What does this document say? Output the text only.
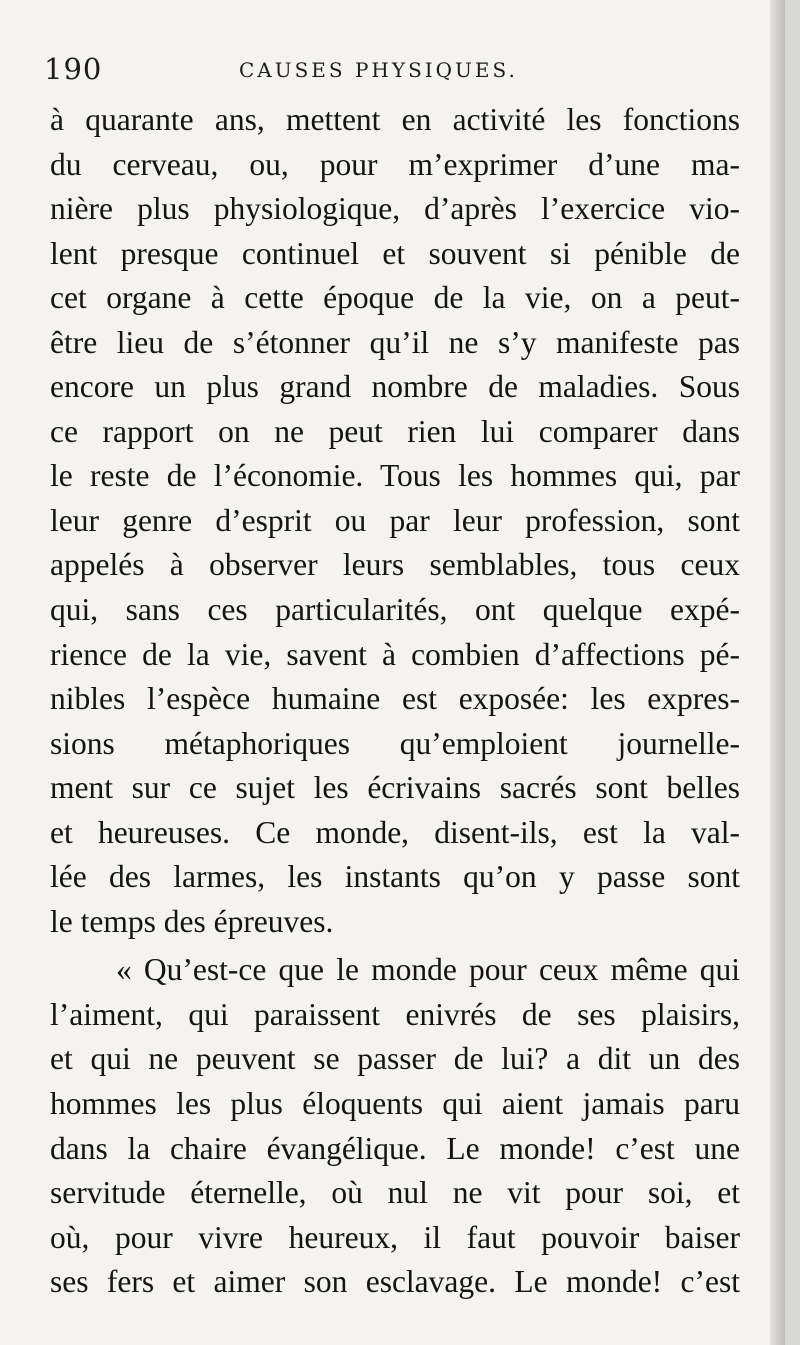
190	CAUSES PHYSIQUES.
à quarante ans, mettent en activité les fonctions
du cerveau, ou, pour m’exprimer d’une ma-
nière plus physiologique, d’après l’exercice vio-
lent presque continuel et souvent si pénible de
cet organe à cette époque de la vie, on a peut-
être lieu de s’étonner qu’il ne s’y manifeste pas
encore un plus grand nombre de maladies. Sous
ce rapport on ne peut rien lui comparer dans
le reste de l’économie. Tous les hommes qui, par
leur genre d’esprit ou par leur profession, sont
appelés à observer leurs semblables, tous ceux
qui, sans ces particularités, ont quelque expé-
rience de la vie, savent à combien d’affections pé-
nibles l’espèce humaine est exposée: les expres-
sions métaphoriques qu’emploient journelle-
ment sur ce sujet les écrivains sacrés sont belles
et heureuses. Ce monde, disent-ils, est la val-
lée des larmes, les instants qu’on y passe sont
le temps des épreuves.
« Qu’est-ce que le monde pour ceux même qui
l’aiment, qui paraissent enivrés de ses plaisirs,
et qui ne peuvent se passer de lui? a dit un des
hommes les plus éloquents qui aient jamais paru
dans la chaire évangélique. Le monde! c’est une
servitude éternelle, où nul ne vit pour soi, et
où, pour vivre heureux, il faut pouvoir baiser
ses fers et aimer son esclavage. Le monde! c’est
